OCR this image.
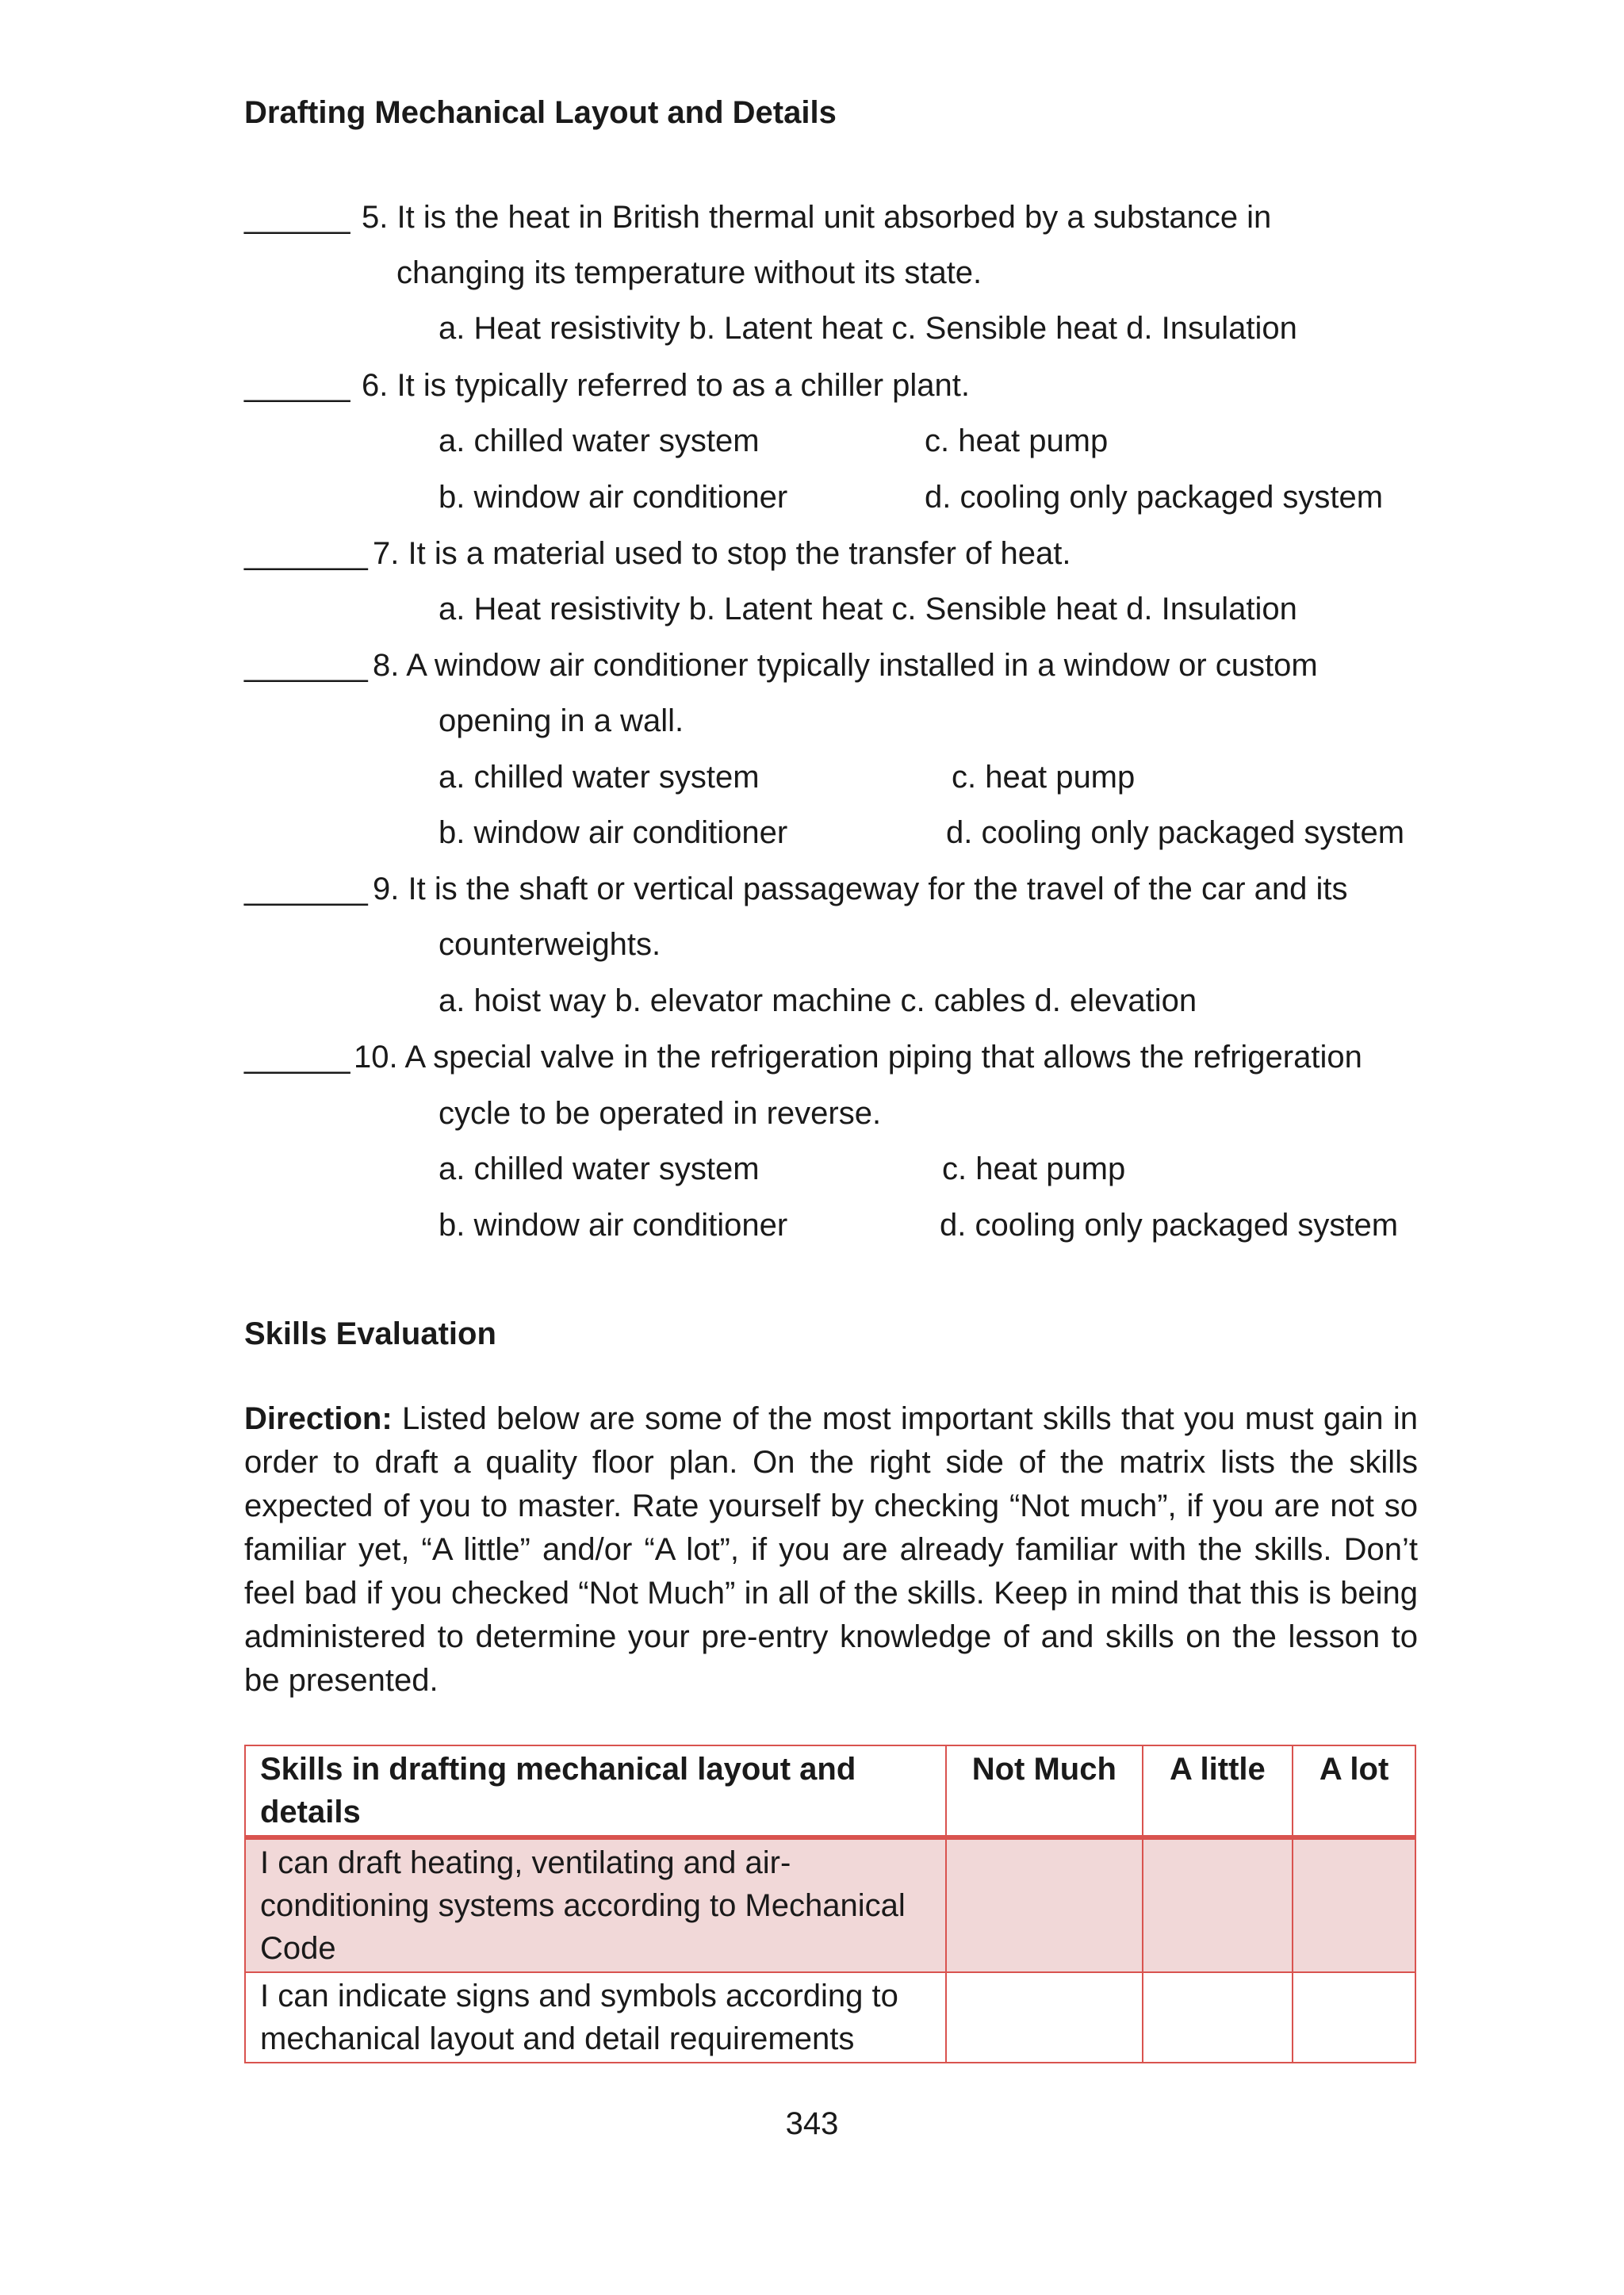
Drafting Mechanical Layout and Details
______ 5. It is the heat in British thermal unit absorbed by a substance in
changing its temperature without its state.
a. Heat resistivity b. Latent heat c. Sensible heat d. Insulation
______ 6. It is typically referred to as a chiller plant.
a. chilled water system	c. heat pump
b. window air conditioner	d. cooling only packaged system
_______ 7. It is a material used to stop the transfer of heat.
a. Heat resistivity b. Latent heat c. Sensible heat d. Insulation
_______ 8. A window air conditioner typically installed in a window or custom
opening in a wall.
a. chilled water system	c. heat pump
b. window air conditioner	d. cooling only packaged system
_______ 9. It is the shaft or vertical passageway for the travel of the car and its
counterweights.
a. hoist way b. elevator machine c. cables d. elevation
______ 10. A special valve in the refrigeration piping that allows the refrigeration
cycle to be operated in reverse.
a. chilled water system	c. heat pump
b. window air conditioner	d. cooling only packaged system
Skills Evaluation
Direction: Listed below are some of the most important skills that you must gain in order to draft a quality floor plan. On the right side of the matrix lists the skills expected of you to master. Rate yourself by checking “Not much”, if you are not so familiar yet, “A little” and/or “A lot”, if you are already familiar with the skills. Don’t feel bad if you checked “Not Much” in all of the skills. Keep in mind that this is being administered to determine your pre-entry knowledge of and skills on the lesson to be presented.
Skills in drafting mechanical layout and details	Not Much	A little	A lot
I can draft heating, ventilating and air-conditioning systems according to Mechanical Code			
I can indicate signs and symbols according to mechanical layout and detail requirements			
343
